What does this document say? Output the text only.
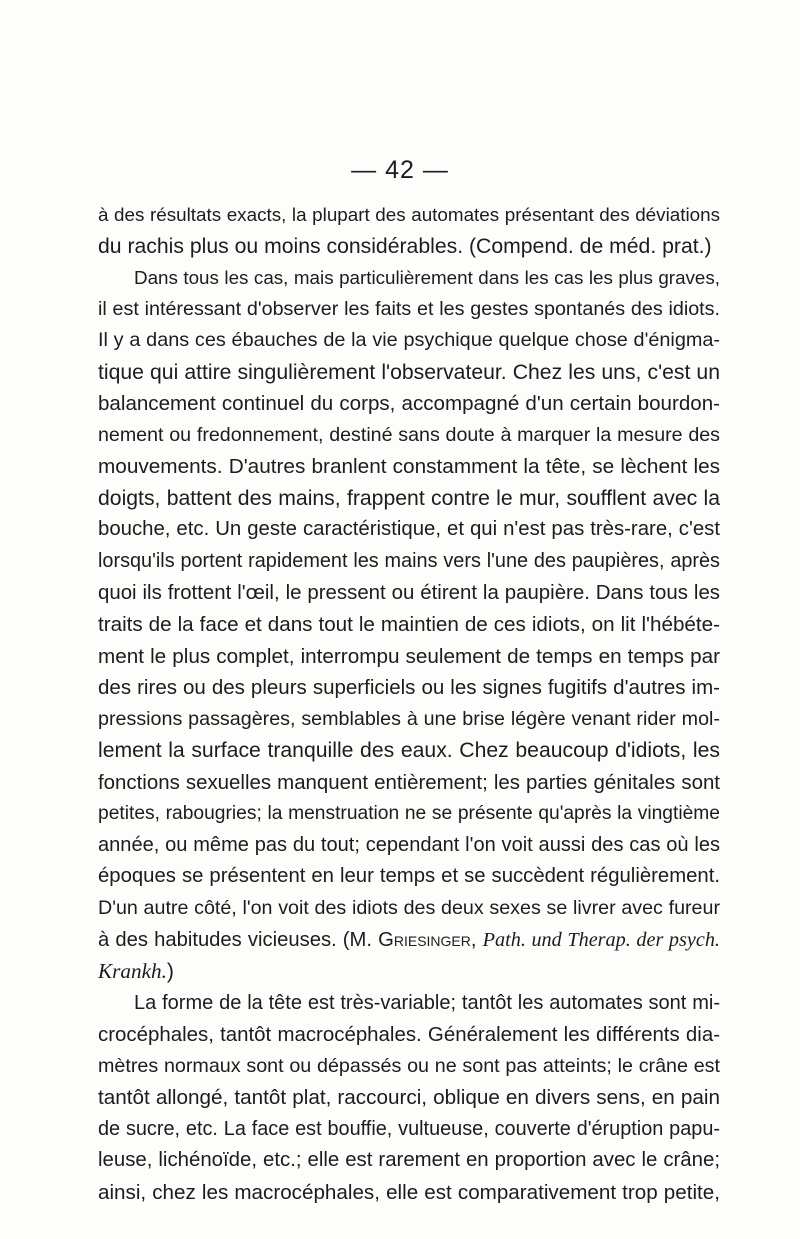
— 42 —
à des résultats exacts, la plupart des automates présentant des déviations
du rachis plus ou moins considérables. (Compend. de méd. prat.)
Dans tous les cas, mais particulièrement dans les cas les plus graves,
il est intéressant d'observer les faits et les gestes spontanés des idiots.
Il y a dans ces ébauches de la vie psychique quelque chose d'énigma-
tique qui attire singulièrement l'observateur. Chez les uns, c'est un
balancement continuel du corps, accompagné d'un certain bourdon-
nement ou fredonnement, destiné sans doute à marquer la mesure des
mouvements. D'autres branlent constamment la tête, se lèchent les
doigts, battent des mains, frappent contre le mur, soufflent avec la
bouche, etc. Un geste caractéristique, et qui n'est pas très-rare, c'est
lorsqu'ils portent rapidement les mains vers l'une des paupières, après
quoi ils frottent l'œil, le pressent ou étirent la paupière. Dans tous les
traits de la face et dans tout le maintien de ces idiots, on lit l'hébéte-
ment le plus complet, interrompu seulement de temps en temps par
des rires ou des pleurs superficiels ou les signes fugitifs d'autres im-
pressions passagères, semblables à une brise légère venant rider mol-
lement la surface tranquille des eaux. Chez beaucoup d'idiots, les
fonctions sexuelles manquent entièrement; les parties génitales sont
petites, rabougries; la menstruation ne se présente qu'après la vingtième
année, ou même pas du tout; cependant l'on voit aussi des cas où les
époques se présentent en leur temps et se succèdent régulièrement.
D'un autre côté, l'on voit des idiots des deux sexes se livrer avec fureur
à des habitudes vicieuses. (M. Griesinger, Path. und Therap. der psych.
Krankh.)
La forme de la tête est très-variable; tantôt les automates sont mi-
crocéphales, tantôt macrocéphales. Généralement les différents dia-
mètres normaux sont ou dépassés ou ne sont pas atteints; le crâne est
tantôt allongé, tantôt plat, raccourci, oblique en divers sens, en pain
de sucre, etc. La face est bouffie, vultueuse, couverte d'éruption papu-
leuse, lichénoïde, etc.; elle est rarement en proportion avec le crâne;
ainsi, chez les macrocéphales, elle est comparativement trop petite,
